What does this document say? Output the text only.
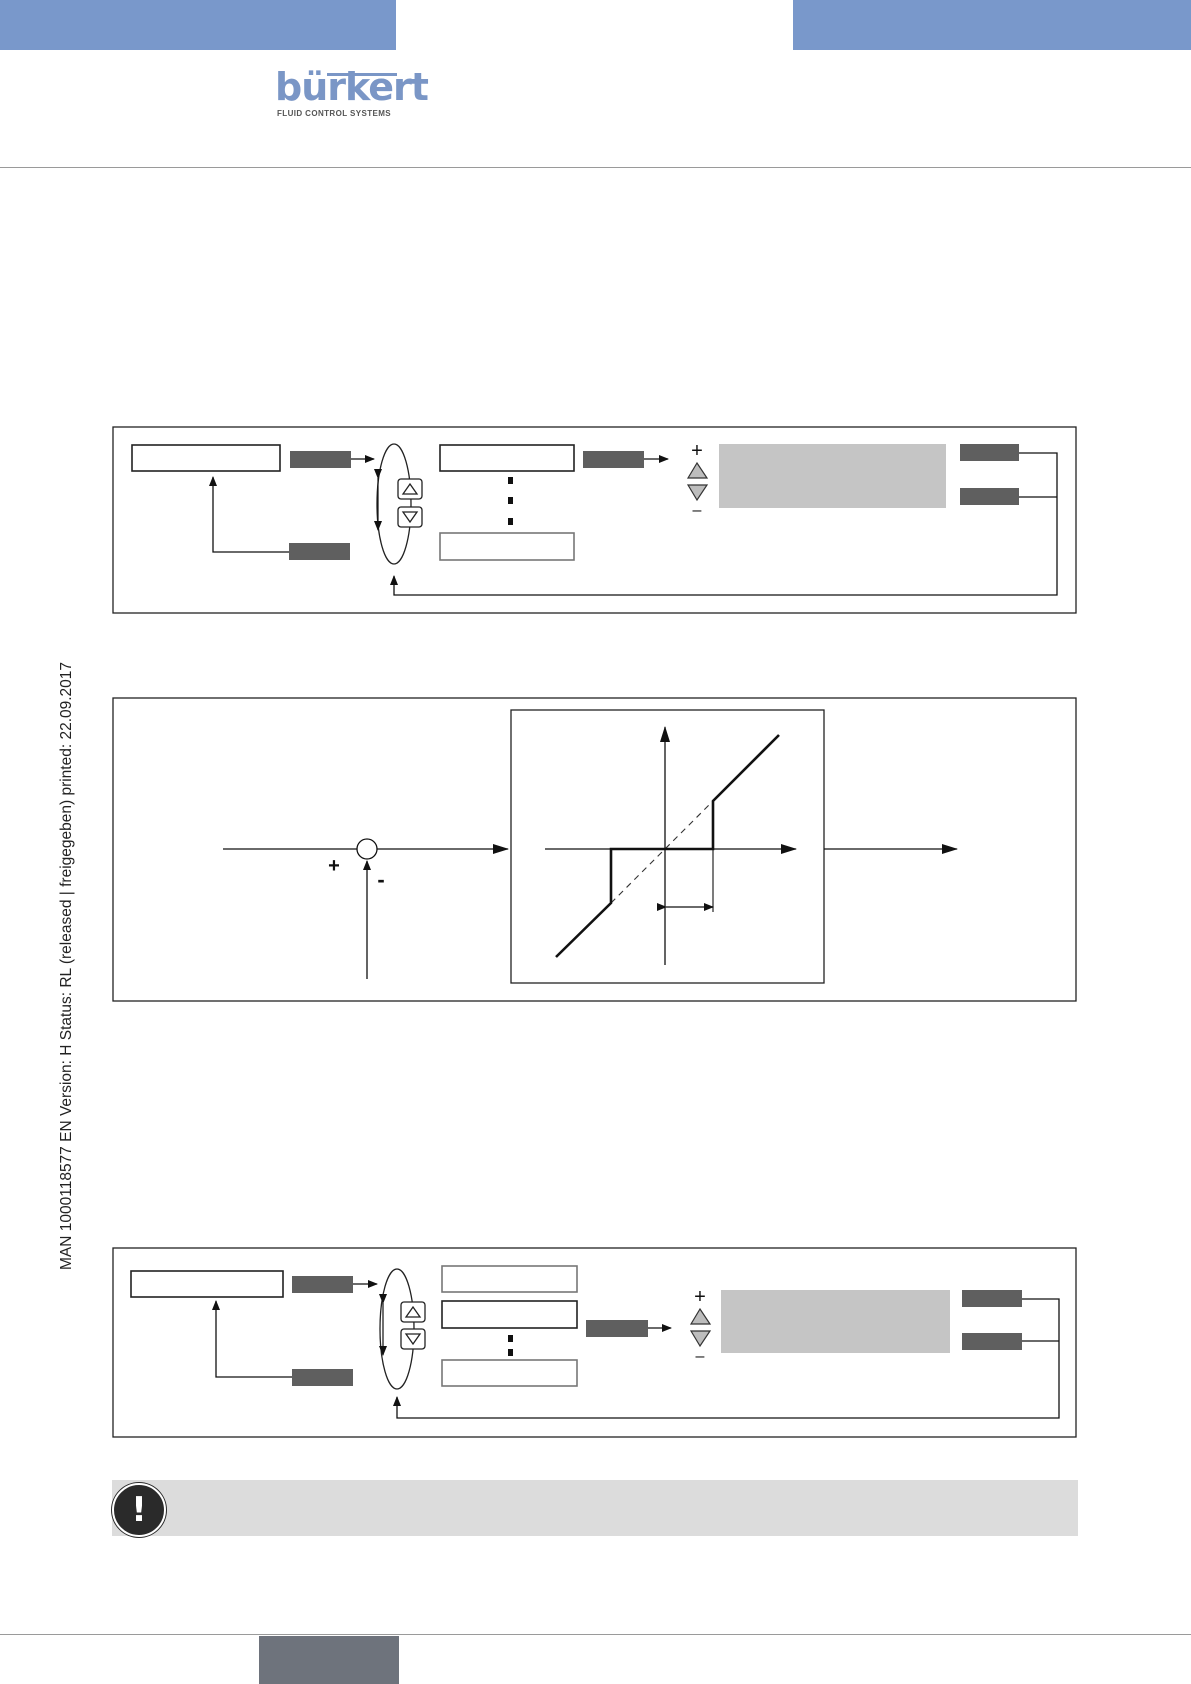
bürkert
FLUID CONTROL SYSTEMS
MAN 1000118577 EN Version: H Status: RL (released | freigegeben) printed: 22.09.2017
+
–
+
-
+
–
!
